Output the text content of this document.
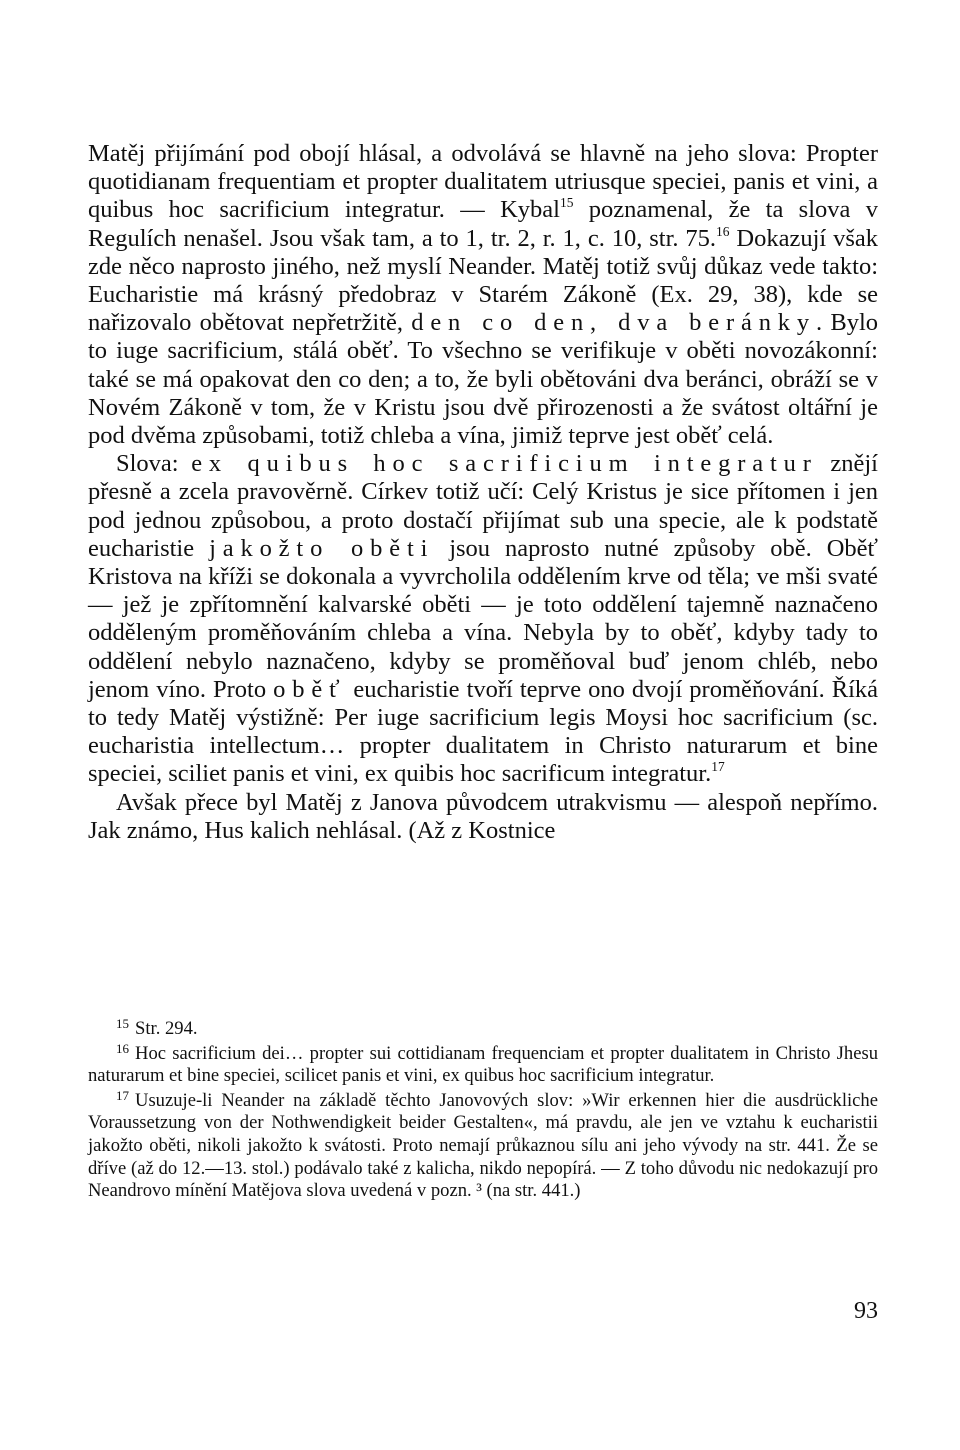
Matěj přijímání pod obojí hlásal, a odvolává se hlavně na jeho slova: Propter quotidianam frequentiam et propter dualitatem utriusque speciei, panis et vini, a quibus hoc sacrificium integratur. — Kybal$^{15}$ poznamenal, že ta slova v Regulích nenašel. Jsou však tam, a to 1, tr. 2, r. 1, c. 10, str. 75.16 Dokazují však zde něco naprosto jiného, než myslí Neander. Matěj totiž svůj důkaz vede takto: Eucharistie má krásný předobraz v Starém Zákoně (Ex. 29, 38), kde se nařizovalo obětovat nepřetržitě, den co den, dva beránky. Bylo to iuge sacrificium, stálá oběť. To všechno se verifikuje v oběti novozákonní: také se má opakovat den co den; a to, že byli obětováni dva beránci, obráží se v Novém Zákoně v tom, že v Kristu jsou dvě přirozenosti a že svátost oltářní je pod dvěma způsobami, totiž chleba a vína, jimiž teprve jest oběť celá.

Slova: ex quibus hoc sacrificium integratur znějí přesně a zcela pravověrně. Církev totiž učí: Celý Kristus je sice přítomen i jen pod jednou způsobou, a proto dostačí přijímat sub una specie, ale k podstatě eucharistie jakožto oběti jsou naprosto nutné způsoby obě. Oběť Kristova na kříži se dokonala a vyvrcholila oddělením krve od těla; ve mši svaté — jež je zpřítomnění kalvarské oběti — je toto oddělení tajemně naznačeno odděleným proměňováním chleba a vína. Nebyla by to oběť, kdyby tady to oddělení nebylo naznačeno, kdyby se proměňoval buď jenom chléb, nebo jenom víno. Proto oběť eucharistie tvoří teprve ono dvojí proměňování. Říká to tedy Matěj výstižně: Per iuge sacrificium legis Moysi hoc sacrificium (sc. eucharistia intellectum… propter dualitatem in Christo naturarum et bine speciei, sciliet panis et vini, ex quibis hoc sacrificum integratur.$^{17}$

Avšak přece byl Matěj z Janova původcem utrakvismu — alespoň nepřímo. Jak známo, Hus kalich nehlásal. (Až z Kostnice

$^{15}$ Str. 294.

$^{16}$ Hoc sacrificium dei… propter sui cottidianam frequenciam et propter dualitatem in Christo Jhesu naturarum et bine speciei, scilicet panis et vini, ex quibus hoc sacrificium integratur.

$^{17}$ Usuzuje-li Neander na základě těchto Janovových slov: »Wir erkennen hier die ausdrückliche Voraussetzung von der Nothwendigkeit beider Gestalten«, má pravdu, ale jen ve vztahu k eucharistii jakožto oběti, nikoli jakožto k svátosti. Proto nemají průkaznou sílu ani jeho vývody na str. 441. Že se dříve (až do 12.—13. stol.) podávalo také z kalicha, nikdo nepopírá. — Z toho důvodu nic nedokazují pro Neandrovo mínění Matějova slova uvedená v pozn. ³ (na str. 441.)

93
